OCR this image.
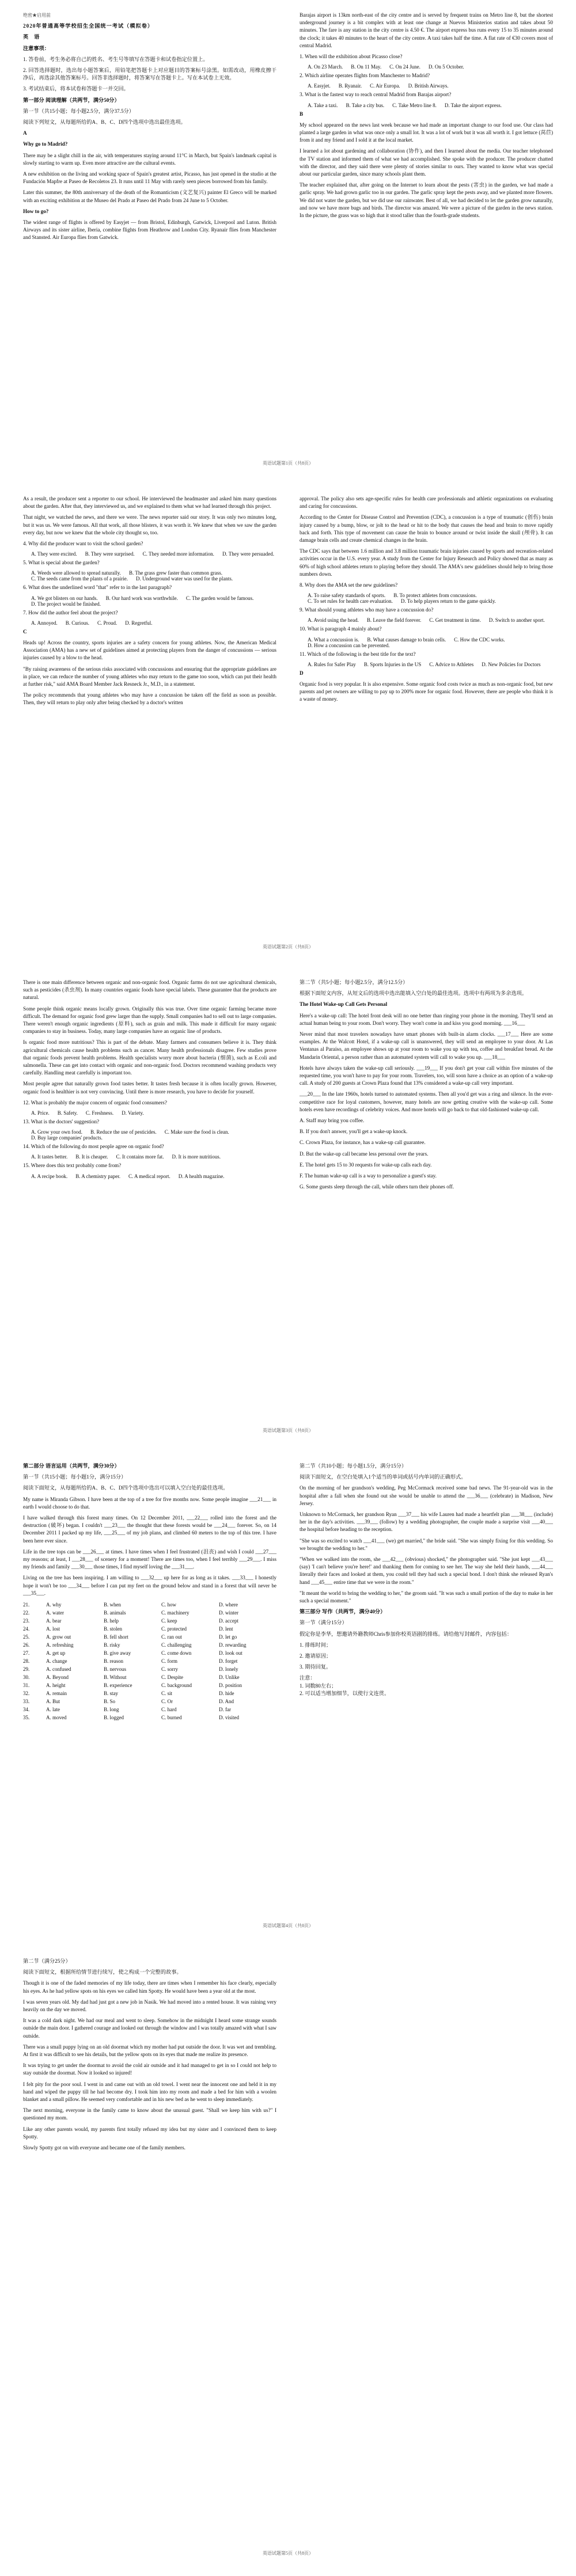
绝密★启用前

2020年普通高等学校招生全国统一考试（模拟卷）

英语

注意事项：

1. 答卷前，考生务必将自己的姓名、考生号等填写在答题卡和试卷指定位置上。

2. 回答选择题时，选出每小题答案后，用铅笔把答题卡上对应题目的答案标号涂黑。如需改动，用橡皮擦干净后，再选涂其他答案标号。回答非选择题时，将答案写在答题卡上。写在本试卷上无效。

3. 考试结束后，将本试卷和答题卡一并交回。

第一部分 阅读理解（共两节，满分50分）

第一节（共15小题；每小题2.5分，满分37.5分）

阅读下列短文，从每题所给的A、B、C、D四个选项中选出最佳选项。

A

Why go to Madrid?

There may be a slight chill in the air, with temperatures staying around 11°C in March, but Spain's landmark capital is slowly starting to warm up. Even more attractive are the cultural events.

A new exhibition on the living and working space of Spain's greatest artist, Picasso, has just opened in the studio at the Fundación Mapfre at Paseo de Recoletos 23. It runs until 11 May with rarely seen pieces borrowed from his family.

Later this summer, the 80th anniversary of the death of the Romanticism (文艺复兴) painter El Greco will be marked with an exciting exhibition at the Museo del Prado at Paseo del Prado from 24 June to 5 October.

How to go?

The widest range of flights is offered by Easyjet — from Bristol, Edinburgh, Gatwick, Liverpool and Luton. British Airways and its sister airline, Iberia, combine flights from Heathrow and London City. Ryanair flies from Manchester and Stansted. Air Europa flies from Gatwick.

Barajas airport is 13km north-east of the city centre and is served by frequent trains on Metro line 8, but the shortest underground journey is a bit complex with at least one change at Nuevos Ministerios station and takes about 50 minutes. The fare is any station in the city centre is 4.50 €. The airport express bus runs every 15 to 35 minutes around the clock; it takes 40 minutes to the heart of the city centre. A taxi takes half the time. A flat rate of €30 covers most of central Madrid.

1. When will the exhibition about Picasso close?

A. On 23 March. B. On 11 May. C. On 24 June. D. On 5 October.

2. Which airline operates flights from Manchester to Madrid?

A. Easyjet. B. Ryanair. C. Air Europa. D. British Airways.

3. What is the fastest way to reach central Madrid from Barajas airport?

A. Take a taxi. B. Take a city bus. C. Take Metro line 8. D. Take the airport express.

B

My school appeared on the news last week because we had made an important change to our food use. Our class had planted a large garden in what was once only a small lot. It was a lot of work but it was all worth it. I got lettuce (莴苣) from it and my friend and I sold it at the local market.

I learned a lot about gardening and collaboration (协作), and then I learned about the media. Our teacher telephoned the TV station and informed them of what we had accomplished. She spoke with the producer. The producer chatted with the director, and they said there were plenty of stories similar to ours. They wanted to know what was special about our particular garden, since many schools plant them.

The teacher explained that, after going on the Internet to learn about the pests (害虫) in the garden, we had made a garlic spray. We had grown garlic too in our garden. The garlic spray kept the pests away, and we planted more flowers. We did not water the garden, but we did use our rainwater. Best of all, we had decided to let the garden grow naturally, and now we have more bugs and birds. The director was amazed. We were a picture of the garden in the news station. In the picture, the grass was so high that it stood taller than the fourth-grade students.

英语试题第1页（共8页）

As a result, the producer sent a reporter to our school. He interviewed the headmaster and asked him many questions about the garden. After that, they interviewed us, and we explained to them what we had learned through this project.

That night, we watched the news, and there we were. The news reporter said our story. It was only two minutes long, but it was us. We were famous. All that work, all those blisters, it was worth it. We knew that when we saw the garden every day, but now we knew that the whole city thought so, too.

4. Why did the producer want to visit the school garden?

A. They were excited. B. They were surprised. C. They needed more information. D. They were persuaded.

5. What is special about the garden?

A. Weeds were allowed to spread naturally. B. The grass grew faster than common grass.
C. The seeds came from the plants of a prairie. D. Underground water was used for the plants.

6. What does the underlined word "that" refer to in the last paragraph?

A. We got blisters on our hands. B. Our hard work was worthwhile. C. The garden would be famous.
D. The project would be finished.

7. How did the author feel about the project?

A. Annoyed. B. Curious. C. Proud. D. Regretful.

C

Heads up! Across the country, sports injuries are a safety concern for young athletes. Now, the American Medical Association (AMA) has a new set of guidelines aimed at protecting players from the danger of concussions — serious injuries caused by a blow to the head.

"By raising awareness of the serious risks associated with concussions and ensuring that the appropriate guidelines are in place, we can reduce the number of young athletes who may return to the game too soon, which can put their health at further risk," said AMA Board Member Jack Resneck Jr., M.D., in a statement.

The policy recommends that young athletes who may have a concussion be taken off the field as soon as possible. Then, they will return to play only after being checked by a doctor's written

approval. The policy also sets age-specific rules for health care professionals and athletic organizations on evaluating and caring for concussions.

According to the Center for Disease Control and Prevention (CDC), a concussion is a type of traumatic (创伤) brain injury caused by a bump, blow, or jolt to the head or hit to the body that causes the head and brain to move rapidly back and forth. This type of movement can cause the brain to bounce around or twist inside the skull (颅骨). It can damage brain cells and create chemical changes in the brain.

The CDC says that between 1.6 million and 3.8 million traumatic brain injuries caused by sports and recreation-related activities occur in the U.S. every year. A study from the Center for Injury Research and Policy showed that as many as 60% of high school athletes return to playing before they should. The AMA's new guidelines should help to bring those numbers down.

8. Why does the AMA set the new guidelines?

A. To raise safety standards of sports. B. To protect athletes from concussions.
C. To set rules for health care evaluation. D. To help players return to the game quickly.

9. What should young athletes who may have a concussion do?

A. Avoid using the head. B. Leave the field forever. C. Get treatment in time. D. Switch to another sport.

10. What is paragraph 4 mainly about?

A. What a concussion is. B. What causes damage to brain cells. C. How the CDC works.
D. How a concussion can be prevented.

11. Which of the following is the best title for the text?

A. Rules for Safer Play B. Sports Injuries in the US C. Advice to Athletes D. New Policies for Doctors

D

Organic food is very popular. It is also expensive. Some organic food costs twice as much as non-organic food, but new parents and pet owners are willing to pay up to 200% more for organic food. However, there are people who think it is a waste of money.

英语试题第2页（共8页）

There is one main difference between organic and non-organic food. Organic farms do not use agricultural chemicals, such as pesticides (杀虫剂). In many countries organic foods have special labels. These guarantee that the products are natural.

Some people think organic means locally grown. Originally this was true. Over time organic farming became more difficult. The demand for organic food grew larger than the supply. Small companies had to sell out to large companies. There weren't enough organic ingredients (原料), such as grain and milk. This made it difficult for many organic companies to stay in business. Today, many large companies have an organic line of products.

Is organic food more nutritious? This is part of the debate. Many farmers and consumers believe it is. They think agricultural chemicals cause health problems such as cancer. Many health professionals disagree. Few studies prove that organic foods prevent health problems. Health specialists worry more about bacteria (细菌), such as E.coli and salmonella. These can get into contact with organic and non-organic food. Doctors recommend washing products very carefully. Handling meat carefully is important too.

Most people agree that naturally grown food tastes better. It tastes fresh because it is often locally grown. However, organic food is healthier is not very convincing. Until there is more research, you have to decide for yourself.

12. What is probably the major concern of organic food consumers?

A. Price. B. Safety. C. Freshness. D. Variety.

13. What is the doctors' suggestion?

A. Grow your own food. B. Reduce the use of pesticides. C. Make sure the food is clean.
D. Buy large companies' products.

14. Which of the following do most people agree on organic food?

A. It tastes better. B. It is cheaper. C. It contains more fat. D. It is more nutritious.

15. Where does this text probably come from?

A. A recipe book. B. A chemistry paper. C. A medical report. D. A health magazine.

第二节（共5小题；每小题2.5分，满分12.5分）

根据下面短文内容，从短文后的选项中选出能填入空白处的最佳选项。选项中有两项为多余选项。

The Hotel Wake-up Call Gets Personal

Here's a wake-up call: The hotel front desk will no one better than ringing your phone in the morning. They'll send an actual human being to your room. Don't worry. They won't come in and kiss you good morning. ___16___

Never mind that most travelers nowadays have smart phones with built-in alarm clocks. ___17___ Here are some examples. At the Walcott Hotel, if a wake-up call is unanswered, they will send an employee to your door. At Las Ventanas al Paraíso, an employee shows up at your room to wake you up with tea, coffee and breakfast bread. At the Mandarin Oriental, a person rather than an automated system will call to wake you up. ___18___

Hotels have always taken the wake-up call seriously. ___19___ If you don't get your call within five minutes of the requested time, you won't have to pay for your room. Travelers, too, will soon have a choice as an option of a wake-up call. A study of 200 guests at Crown Plaza found that 13% considered a wake-up call very important.

___20___ In the late 1960s, hotels turned to automated systems. Then all you'd get was a ring and silence. In the ever-competitive race for loyal customers, however, many hotels are now getting creative with the wake-up call. Some hotels even have recordings of celebrity voices. And more hotels will go back to that old-fashioned wake-up call.

A. Staff may bring you coffee.

B. If you don't answer, you'll get a wake-up knock.

C. Crown Plaza, for instance, has a wake-up call guarantee.

D. But the wake-up call became less personal over the years.

E. The hotel gets 15 to 30 requests for wake-up calls each day.

F. The human wake-up call is a way to personalize a guest's stay.

G. Some guests sleep through the call, while others turn their phones off.

英语试题第3页（共8页）

第二部分 语言运用（共两节，满分30分）

第一节（共15小题；每小题1分，满分15分）

阅读下面短文，从每题所给的A、B、C、D四个选项中选出可以填入空白处的最佳选项。

My name is Miranda Gibson. I have been at the top of a tree for five months now. Some people imagine ___21___ in earth I would choose to do that.

I have walked through this forest many times. On 12 December 2011, ___22___ rolled into the forest and the destruction (破坏) began. I couldn't ___23___ the thought that these forests would be ___24___ forever. So, on 14 December 2011 I packed up my life, ___25___ of my job plans, and climbed 60 meters to the top of this tree. I have been here ever since.

Life in the tree tops can be ___26___ at times. I have times when I feel frustrated (沮丧) and wish I could ___27___ my reasons; at least, I ___28___ of scenery for a moment! There are times too, when I feel terribly ___29___. I miss my friends and family ___30___ those times, I find myself loving the ___31___.

Living on the tree has been inspiring. I am willing to ___32___ up here for as long as it takes. ___33___ I honestly hope it won't be too ___34___ before I can put my feet on the ground below and stand in a forest that will never be ___35___.

21.	A. why	B. when	C. how	D. where
22.	A. water	B. animals	C. machinery	D. winter
23.	A. bear	B. help	C. keep	D. accept
24.	A. lost	B. stolen	C. protected	D. lent
25.	A. grow out	B. fell short	C. ran out	D. let go
26.	A. refreshing	B. risky	C. challenging	D. rewarding
27.	A. get up	B. give away	C. come down	D. look out
28.	A. change	B. reason	C. form	D. forget
29.	A. confused	B. nervous	C. sorry	D. lonely
30.	A. Beyond	B. Without	C. Despite	D. Unlike
31.	A. height	B. experience	C. background	D. position
32.	A. remain	B. stay	C. sit	D. hide
33.	A. But	B. So	C. Or	D. And
34.	A. late	B. long	C. hard	D. far
35.	A. moved	B. logged	C. burned	D. visited

第二节（共10小题；每小题1.5分，满分15分）

阅读下面短文，在空白处填入1个适当的单词或括号内单词的正确形式。

On the morning of her grandson's wedding, Peg McCormack received some bad news. The 91-year-old was in the hospital after a fall when she found out she would be unable to attend the ___36___ (celebrate) in Madison, New Jersey.

Unknown to McCormack, her grandson Ryan ___37___ his wife Lauren had made a heartfelt plan ___38___ (include) her in the day's activities. ___39___ (follow) by a wedding photographer, the couple made a surprise visit ___40___ the hospital before heading to the reception.

"She was so excited to watch ___41___ (we) get married," the bride said. "She was simply fixing for this wedding. So we brought the wedding to her."

"When we walked into the room, she ___42___ (obvious) shocked," the photographer said. "She just kept ___43___ (say) 'I can't believe you're here!' and thanking them for coming to see her. The way she held their hands, ___44___ literally their faces and looked at them, you could tell they had such a special bond. I don't think she released Ryan's hand ___45___ entire time that we were in the room."

"It meant the world to bring the wedding to her," the groom said. "It was such a small portion of the day to make in her such a special moment."

第三部分 写作（共两节，满分40分）

第一节（满分15分）

假定你是李华，想邀请外籍教师Chris参加你校英语剧的排练。请给他写封邮件，内容包括：

1. 排练时间；

2. 邀请原因；

3. 期待回复。

注意：
1. 词数80左右；
2. 可以适当增加细节，以使行文连贯。

英语试题第4页（共8页）

第二节（满分25分）

阅读下面短文，根据所给情节进行续写，使之构成一个完整的故事。

Though it is one of the faded memories of my life today, there are times when I remember his face clearly, especially his eyes. As he had yellow spots on his eyes we called him Spotty. He would have been a year old at the most.

I was seven years old. My dad had just got a new job in Nasik. We had moved into a rented house. It was raining very heavily on the day we moved.

It was a cold dark night. We had our meal and went to sleep. Somehow in the midnight I heard some strange sounds outside the main door. I gathered courage and looked out through the window and I was totally amazed with what I saw outside.

There was a small puppy lying on an old doormat which my mother had put outside the door. It was wet and trembling. At first it was difficult to see his details, but the yellow spots on its eyes that made me realize its presence.

It was trying to get under the doormat to avoid the cold air outside and it had managed to get in so I could not help to stay outside the doormat. Now it looked so injured!

I felt pity for the poor soul. I went in and came out with an old towel. I went near the innocent one and held it in my hand and wiped the puppy till he had become dry. I took him into my room and made a bed for him with a woolen blanket and a small pillow. He seemed very comfortable and in his new bed as he went to sleep immediately.

The next morning, everyone in the family came to know about the unusual guest. "Shall we keep him with us?" I questioned my mom.

Like any other parents would, my parents first totally refused my idea but my sister and I convinced them to keep Spotty.

Slowly Spotty got on with everyone and became one of the family members.

英语试题第5页（共8页）
